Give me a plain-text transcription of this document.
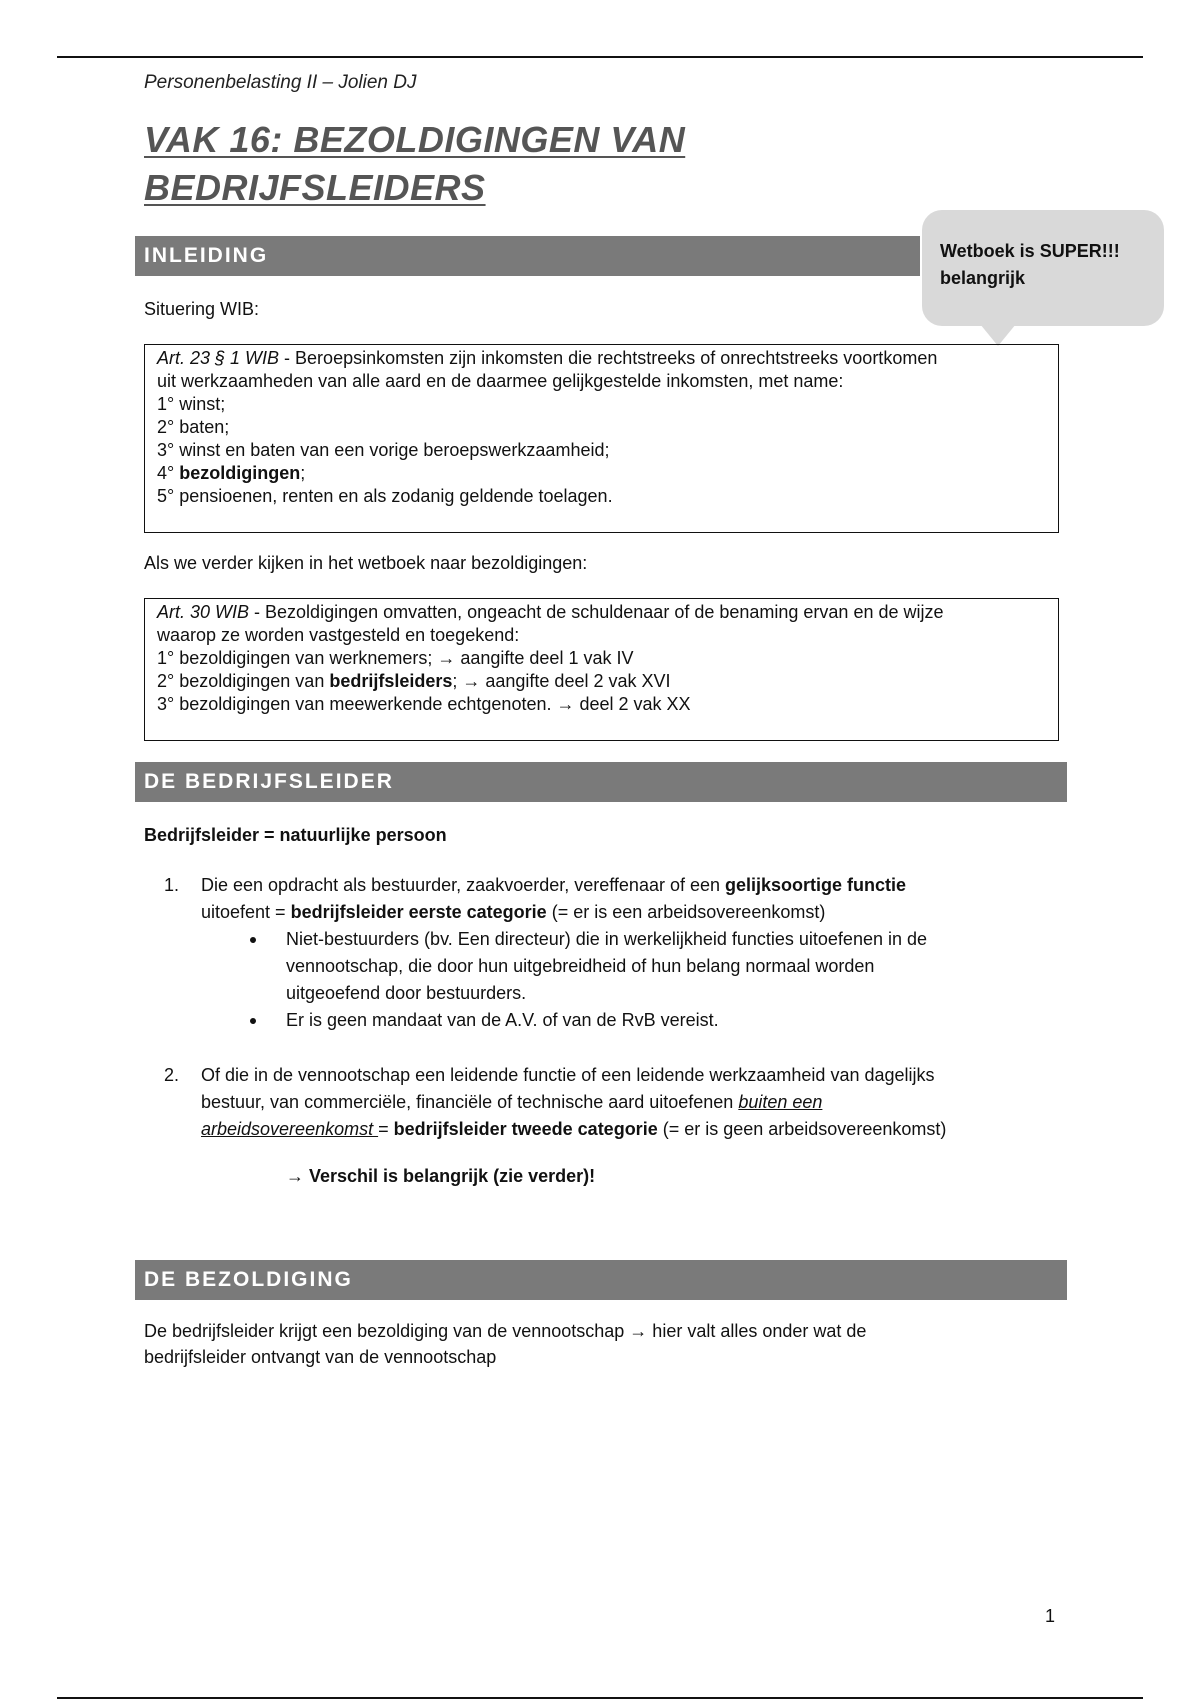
Personenbelasting II – Jolien DJ
VAK 16: BEZOLDIGINGEN VAN
BEDRIJFSLEIDERS
INLEIDING	Wetboek is SUPER!!!
belangrijk
Situering WIB:
Art. 23 § 1 WIB - Beroepsinkomsten zijn inkomsten die rechtstreeks of onrechtstreeks voortkomen
uit werkzaamheden van alle aard en de daarmee gelijkgestelde inkomsten, met name:
1° winst;
2° baten;
3° winst en baten van een vorige beroepswerkzaamheid;
4° bezoldigingen;
5° pensioenen, renten en als zodanig geldende toelagen.
Als we verder kijken in het wetboek naar bezoldigingen:
Art. 30 WIB - Bezoldigingen omvatten, ongeacht de schuldenaar of de benaming ervan en de wijze
waarop ze worden vastgesteld en toegekend:
1° bezoldigingen van werknemers; → aangifte deel 1 vak IV
2° bezoldigingen van bedrijfsleiders; → aangifte deel 2 vak XVI
3° bezoldigingen van meewerkende echtgenoten. → deel 2 vak XX
DE BEDRIJFSLEIDER
Bedrijfsleider = natuurlijke persoon
1. Die een opdracht als bestuurder, zaakvoerder, vereffenaar of een gelijksoortige functie
uitoefent = bedrijfsleider eerste categorie (= er is een arbeidsovereenkomst)
Niet-bestuurders (bv. Een directeur) die in werkelijkheid functies uitoefenen in de vennootschap, die door hun uitgebreidheid of hun belang normaal worden uitgeoefend door bestuurders.
Er is geen mandaat van de A.V. of van de RvB vereist.
2. Of die in de vennootschap een leidende functie of een leidende werkzaamheid van dagelijks
bestuur, van commerciële, financiële of technische aard uitoefenen buiten een
arbeidsovereenkomst = bedrijfsleider tweede categorie (= er is geen arbeidsovereenkomst)
→ Verschil is belangrijk (zie verder)!
DE BEZOLDIGING
De bedrijfsleider krijgt een bezoldiging van de vennootschap → hier valt alles onder wat de
bedrijfsleider ontvangt van de vennootschap
1
